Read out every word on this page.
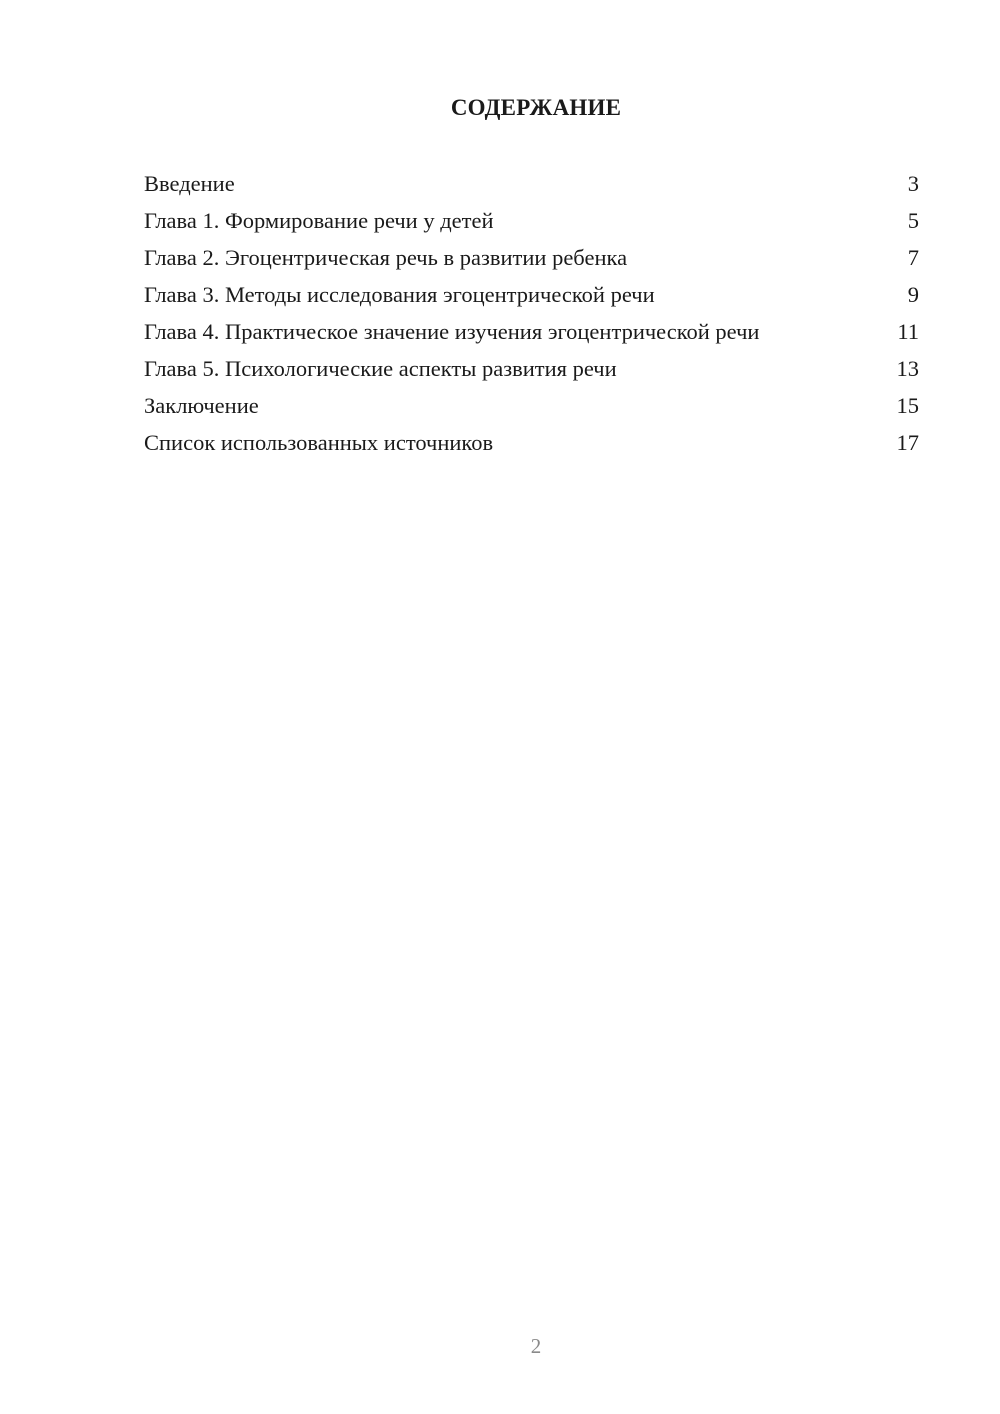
СОДЕРЖАНИЕ
Введение	3
Глава 1. Формирование речи у детей	5
Глава 2. Эгоцентрическая речь в развитии ребенка	7
Глава 3. Методы исследования эгоцентрической речи	9
Глава 4. Практическое значение изучения эгоцентрической речи	11
Глава 5. Психологические аспекты развития речи	13
Заключение	15
Список использованных источников	17
2
